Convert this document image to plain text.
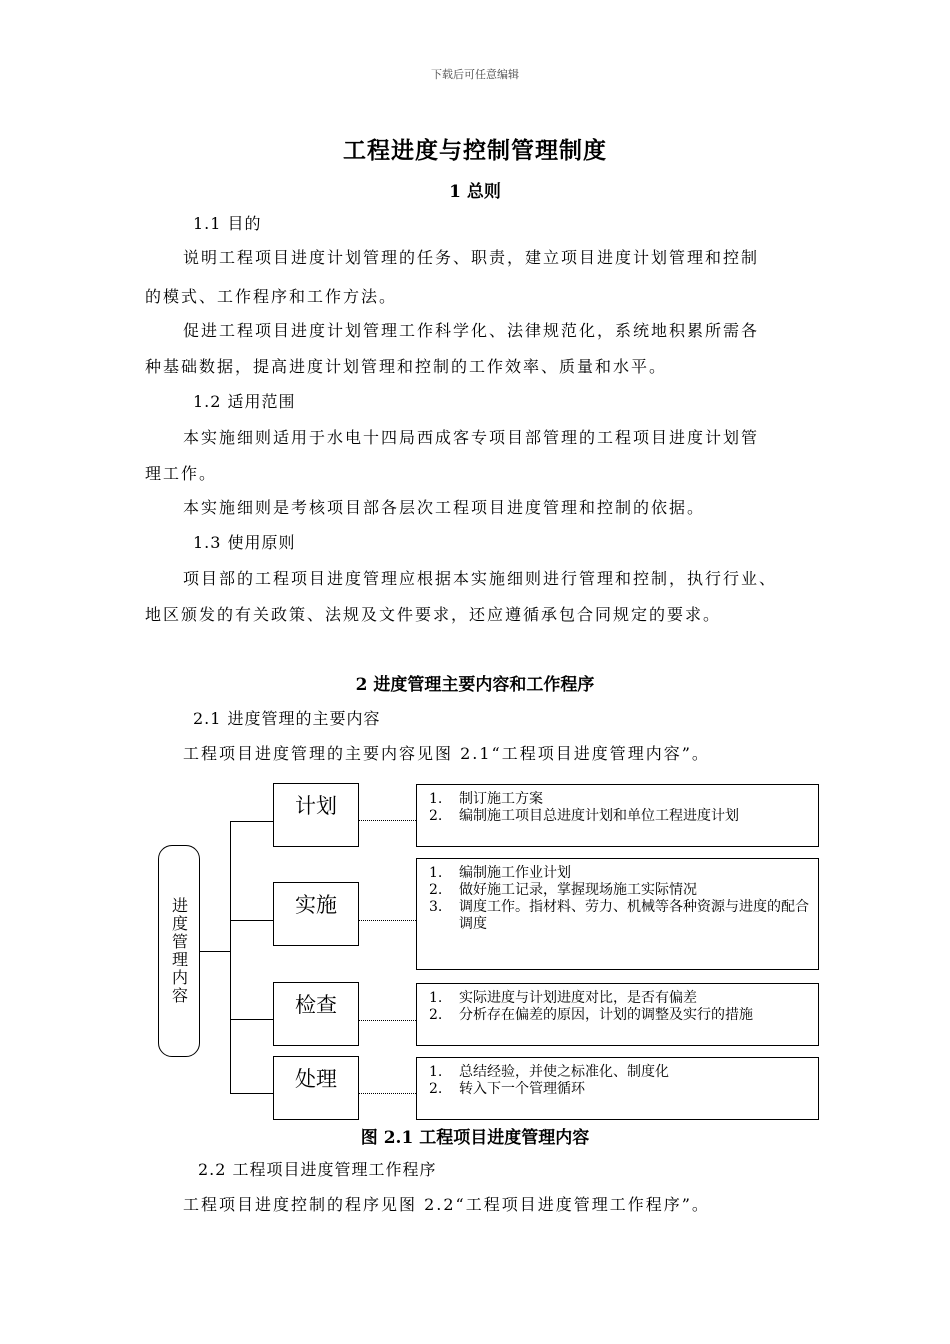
下载后可任意编辑
工程进度与控制管理制度
1 总则
1.1 目的
说明工程项目进度计划管理的任务、职责，建立项目进度计划管理和控制
的模式、工作程序和工作方法。
促进工程项目进度计划管理工作科学化、法律规范化，系统地积累所需各
种基础数据，提高进度计划管理和控制的工作效率、质量和水平。
1.2 适用范围
本实施细则适用于水电十四局西成客专项目部管理的工程项目进度计划管
理工作。
本实施细则是考核项目部各层次工程项目进度管理和控制的依据。
1.3 使用原则
项目部的工程项目进度管理应根据本实施细则进行管理和控制，执行行业、
地区颁发的有关政策、法规及文件要求，还应遵循承包合同规定的要求。
2 进度管理主要内容和工作程序
2.1 进度管理的主要内容
工程项目进度管理的主要内容见图 2.1“工程项目进度管理内容”。
进度管理内容
计划
实施
检查
处理
1.	制订施工方案
2.	编制施工项目总进度计划和单位工程进度计划
1.	编制施工作业计划
2.	做好施工记录，掌握现场施工实际情况
3.	调度工作。指材料、劳力、机械等各种资源与进度的配合调度
1.	实际进度与计划进度对比，是否有偏差
2.	分析存在偏差的原因，计划的调整及实行的措施
1.	总结经验，并使之标准化、制度化
2.	转入下一个管理循环
图 2.1 工程项目进度管理内容
2.2 工程项目进度管理工作程序
工程项目进度控制的程序见图 2.2“工程项目进度管理工作程序”。
